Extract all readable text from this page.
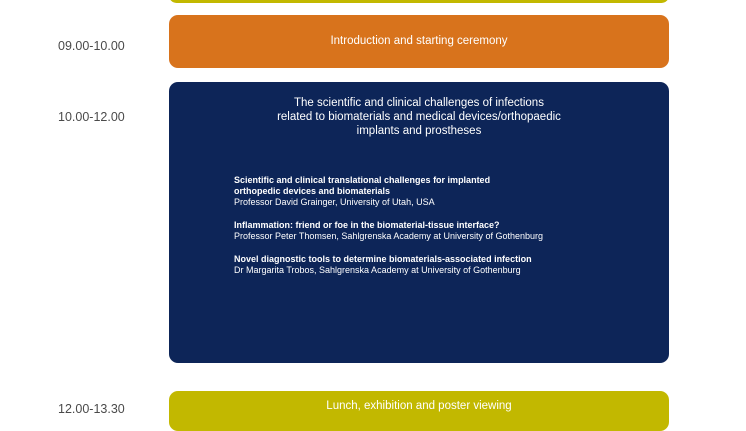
09.00-10.00	Introduction and starting ceremony
10.00-12.00
The scientific and clinical challenges of infections
related to biomaterials and medical devices/orthopaedic
implants and prostheses
Scientific and clinical translational challenges for implanted
orthopedic devices and biomaterials
Professor David Grainger, University of Utah, USA
Inflammation: friend or foe in the biomaterial-tissue interface?
Professor Peter Thomsen, Sahlgrenska Academy at University of Gothenburg
Novel diagnostic tools to determine biomaterials-associated infection
Dr Margarita Trobos, Sahlgrenska Academy at University of Gothenburg
12.00-13.30	Lunch, exhibition and poster viewing
